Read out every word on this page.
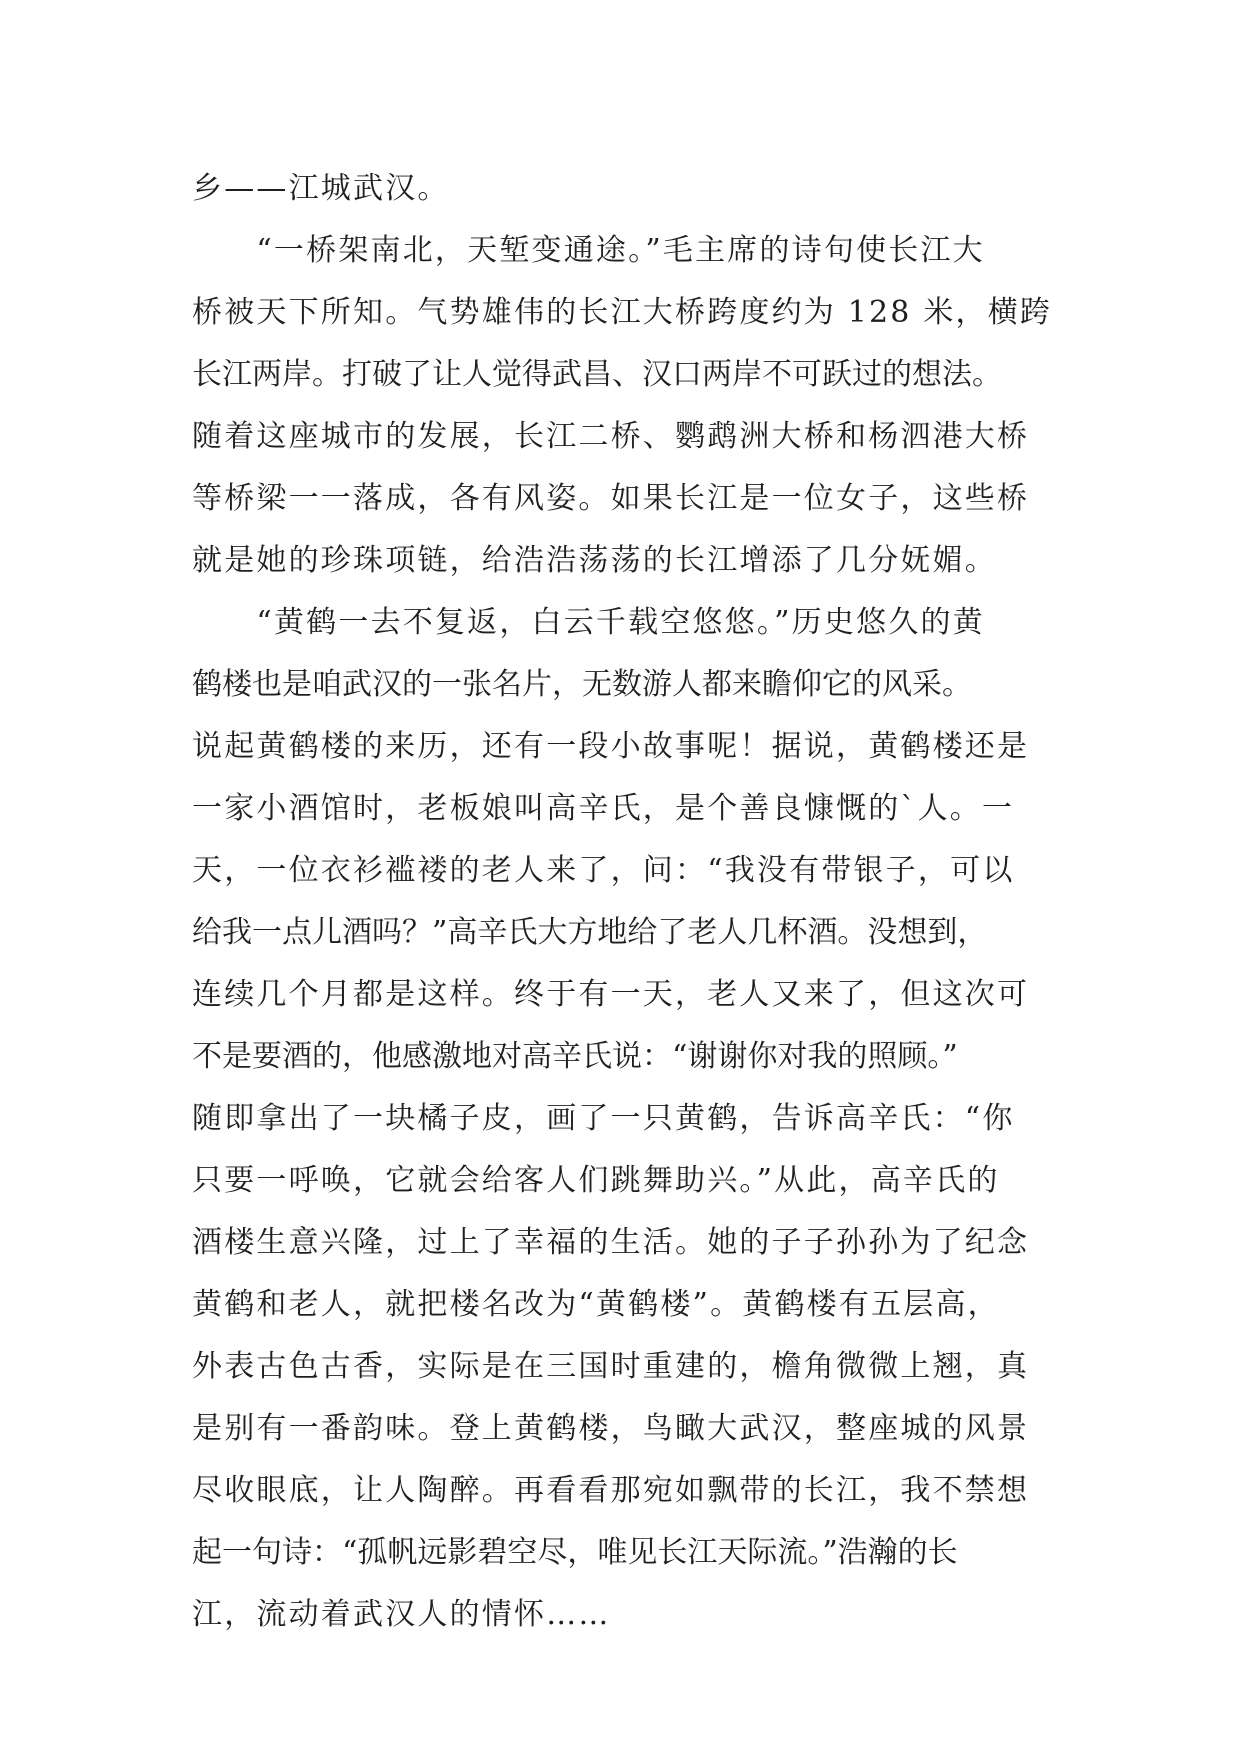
乡——江城武汉。
　　“一桥架南北，天堑变通途。”毛主席的诗句使长江大
桥被天下所知。气势雄伟的长江大桥跨度约为 128 米，横跨
长江两岸。打破了让人觉得武昌、汉口两岸不可跃过的想法。
随着这座城市的发展，长江二桥、鹦鹉洲大桥和杨泗港大桥
等桥梁一一落成，各有风姿。如果长江是一位女子，这些桥
就是她的珍珠项链，给浩浩荡荡的长江增添了几分妩媚。
　　“黄鹤一去不复返，白云千载空悠悠。”历史悠久的黄
鹤楼也是咱武汉的一张名片，无数游人都来瞻仰它的风采。
说起黄鹤楼的来历，还有一段小故事呢！据说，黄鹤楼还是
一家小酒馆时，老板娘叫高辛氏，是个善良慷慨的`人。一
天，一位衣衫褴褛的老人来了，问：“我没有带银子，可以
给我一点儿酒吗？”高辛氏大方地给了老人几杯酒。没想到，
连续几个月都是这样。终于有一天，老人又来了，但这次可
不是要酒的，他感激地对高辛氏说：“谢谢你对我的照顾。”
随即拿出了一块橘子皮，画了一只黄鹤，告诉高辛氏：“你
只要一呼唤，它就会给客人们跳舞助兴。”从此，高辛氏的
酒楼生意兴隆，过上了幸福的生活。她的子子孙孙为了纪念
黄鹤和老人，就把楼名改为“黄鹤楼”。黄鹤楼有五层高，
外表古色古香，实际是在三国时重建的，檐角微微上翘，真
是别有一番韵味。登上黄鹤楼，鸟瞰大武汉，整座城的风景
尽收眼底，让人陶醉。再看看那宛如飘带的长江，我不禁想
起一句诗：“孤帆远影碧空尽，唯见长江天际流。”浩瀚的长
江，流动着武汉人的情怀……
